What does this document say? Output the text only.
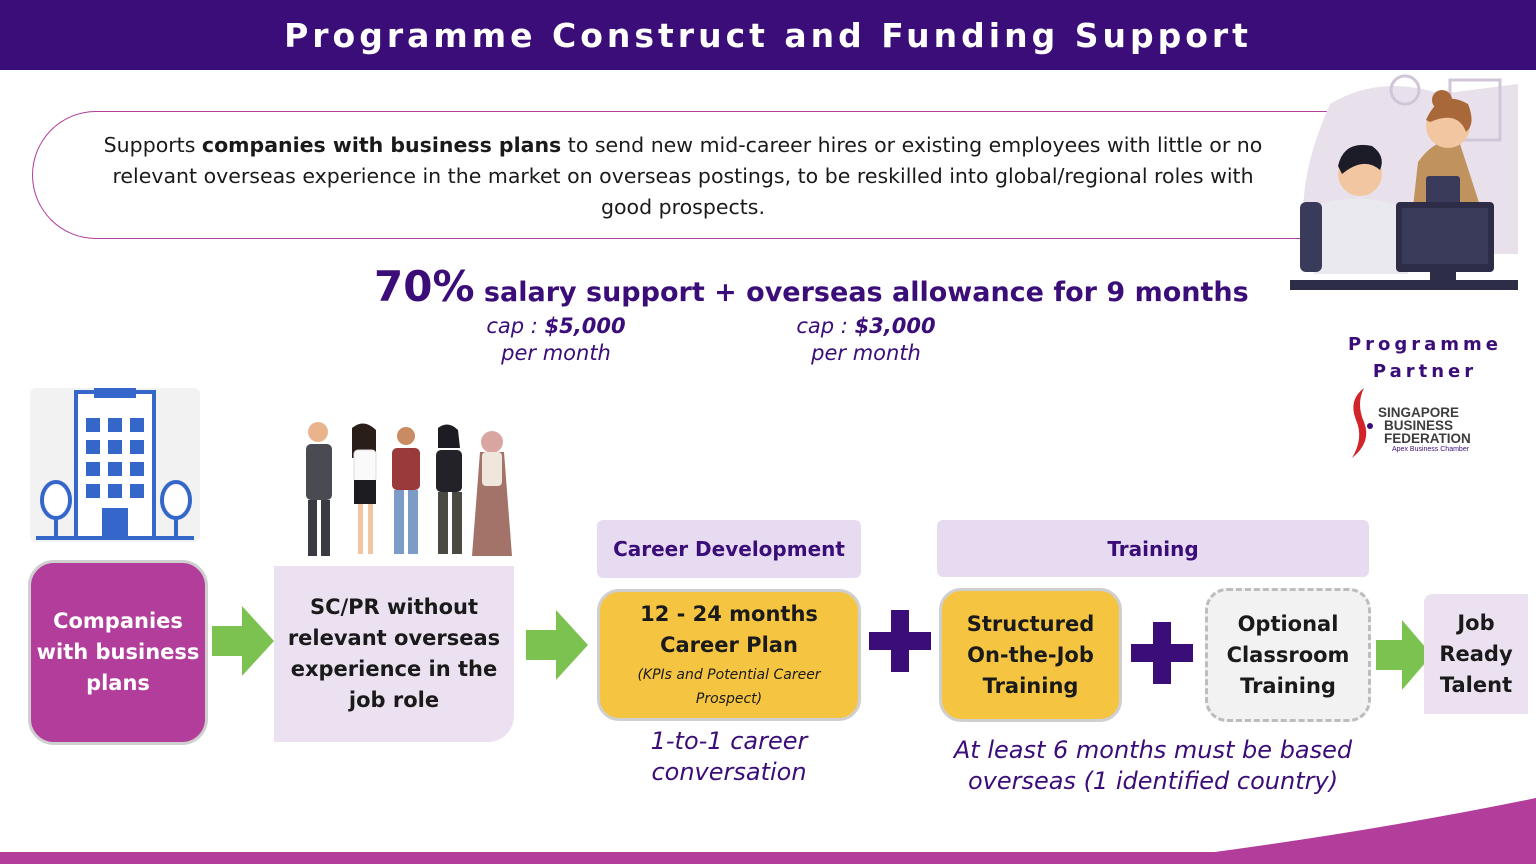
Programme Construct and Funding Support

Supports companies with business plans to send new mid-career hires or existing employees with little or no relevant overseas experience in the market on overseas postings, to be reskilled into global/regional roles with good prospects.

70% salary support + overseas allowance for 9 months
cap : $5,000
per month
cap : $3,000
per month	Programme Partner
SINGAPORE
BUSINESS
FEDERATION
Apex Business Chamber
Companies with business plans
SC/PR without relevant overseas experience in the job role
Career Development
12 - 24 months Career Plan
(KPIs and Potential Career Prospect)
1-to-1 career conversation
Training
Structured On-the-Job Training
Optional Classroom Training
Job Ready Talent
At least 6 months must be based overseas (1 identified country)
